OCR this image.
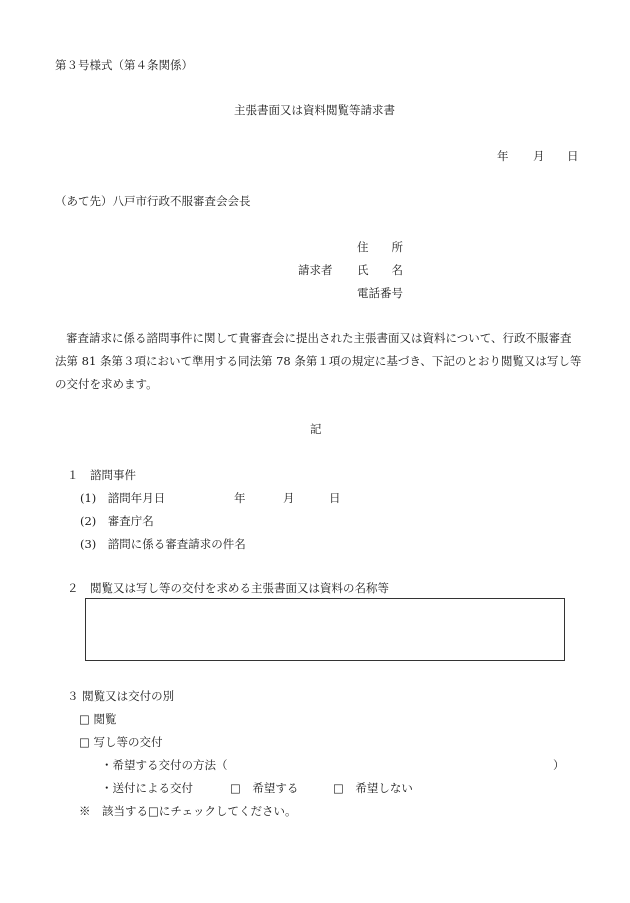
第３号様式（第４条関係）
主張書面又は資料閲覧等請求書
年 月 日
（あて先）八戸市行政不服審査会会長
住　　所
請求者 氏　　名
電話番号
審査請求に係る諮問事件に関して貴審査会に提出された主張書面又は資料について、行政不服審査
法第 81 条第３項において準用する同法第 78 条第１項の規定に基づき、下記のとおり閲覧又は写し等
の交付を求めます。
記
１　諮問事件
(1)　諮問年月日	年	月	日
(2)　審査庁名
(3)　諮問に係る審査請求の件名
２　閲覧又は写し等の交付を求める主張書面又は資料の名称等
３ 閲覧又は交付の別
□ 閲覧
□ 写し等の交付
・希望する交付の方法（	）
・送付による交付	□　希望する	□　希望しない
※　該当する□にチェックしてください。
